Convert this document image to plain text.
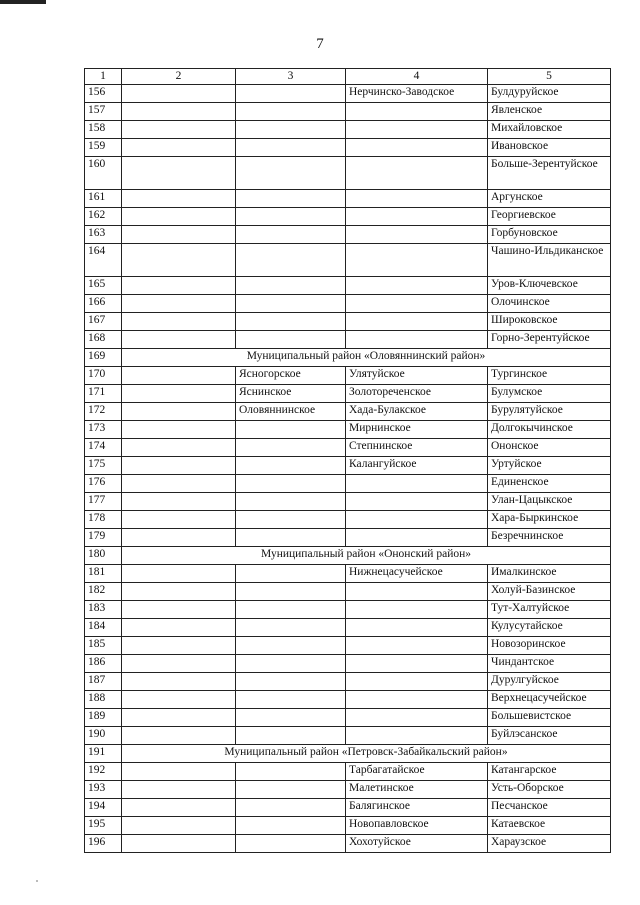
7
1	2	3	4	5
156			Нерчинско-Заводское	Булдуруйское
157				Явленское
158				Михайловское
159				Ивановское
160				Больше-Зерентуйское
161				Аргунское
162				Георгиевское
163				Горбуновское
164				Чашино-Ильдиканское
165				Уров-Ключевское
166				Олочинское
167				Широковское
168				Горно-Зерентуйское
169	Муниципальный район «Оловяннинский район»			
170		Ясногорское	Улятуйское	Тургинское
171		Яснинское	Золотореченское	Булумское
172		Оловяннинское	Хада-Булакское	Бурулятуйское
173			Мирнинское	Долгокычинское
174			Степнинское	Ононское
175			Калангуйское	Уртуйское
176				Единенское
177				Улан-Цацыкское
178				Хара-Быркинское
179				Безречнинское
180	Муниципальный район «Ононский район»			
181			Нижнецасучейское	Ималкинское
182				Холуй-Базинское
183				Тут-Халтуйское
184				Кулусутайское
185				Новозоринское
186				Чиндантское
187				Дурулгуйское
188				Верхнецасучейское
189				Большевистское
190				Буйлэсанское
191	Муниципальный район «Петровск-Забайкальский район»			
192			Тарбагатайское	Катангарское
193			Малетинское	Усть-Оборское
194			Балягинское	Песчанское
195			Новопавловское	Катаевское
196			Хохотуйское	Хараузское
